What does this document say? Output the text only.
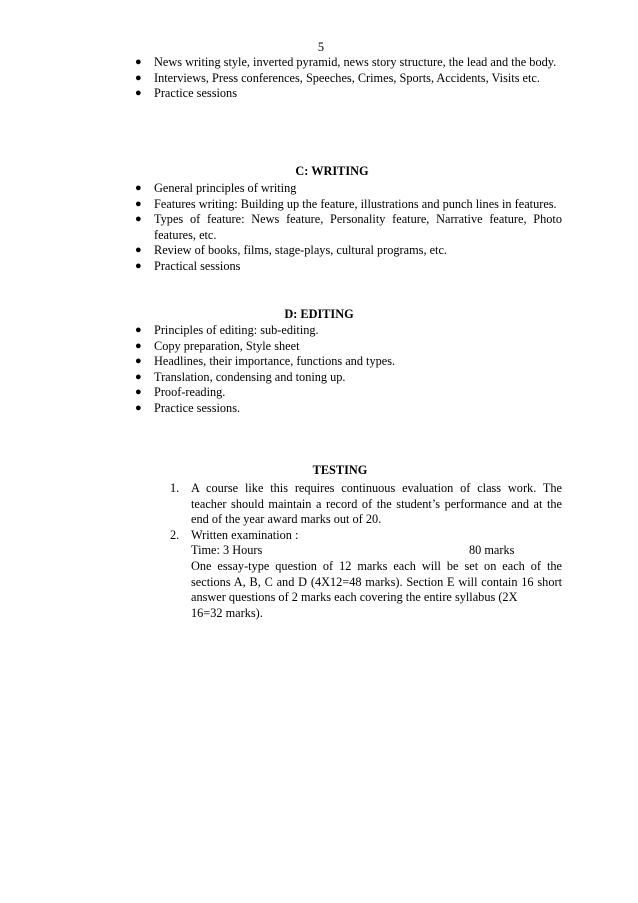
5
● News writing style, inverted pyramid, news story structure, the lead and the body.
● Interviews, Press conferences, Speeches, Crimes, Sports, Accidents, Visits etc.
● Practice sessions
C: WRITING
● General principles of writing
● Features writing: Building up the feature, illustrations and punch lines in features.
● Types of feature: News feature, Personality feature, Narrative feature, Photo features, etc.
● Review of books, films, stage-plays, cultural programs, etc.
● Practical sessions
D: EDITING
● Principles of editing: sub-editing.
● Copy preparation, Style sheet
● Headlines, their importance, functions and types.
● Translation, condensing and toning up.
● Proof-reading.
● Practice sessions.
TESTING
1. A course like this requires continuous evaluation of class work. The teacher should maintain a record of the student’s performance and at the end of the year award marks out of 20.
2. Written examination :
Time: 3 Hours	80 marks
One essay-type question of 12 marks each will be set on each of the sections A, B, C and D (4X12=48 marks). Section E will contain 16 short answer questions of 2 marks each covering the entire syllabus (2X
16=32 marks).
